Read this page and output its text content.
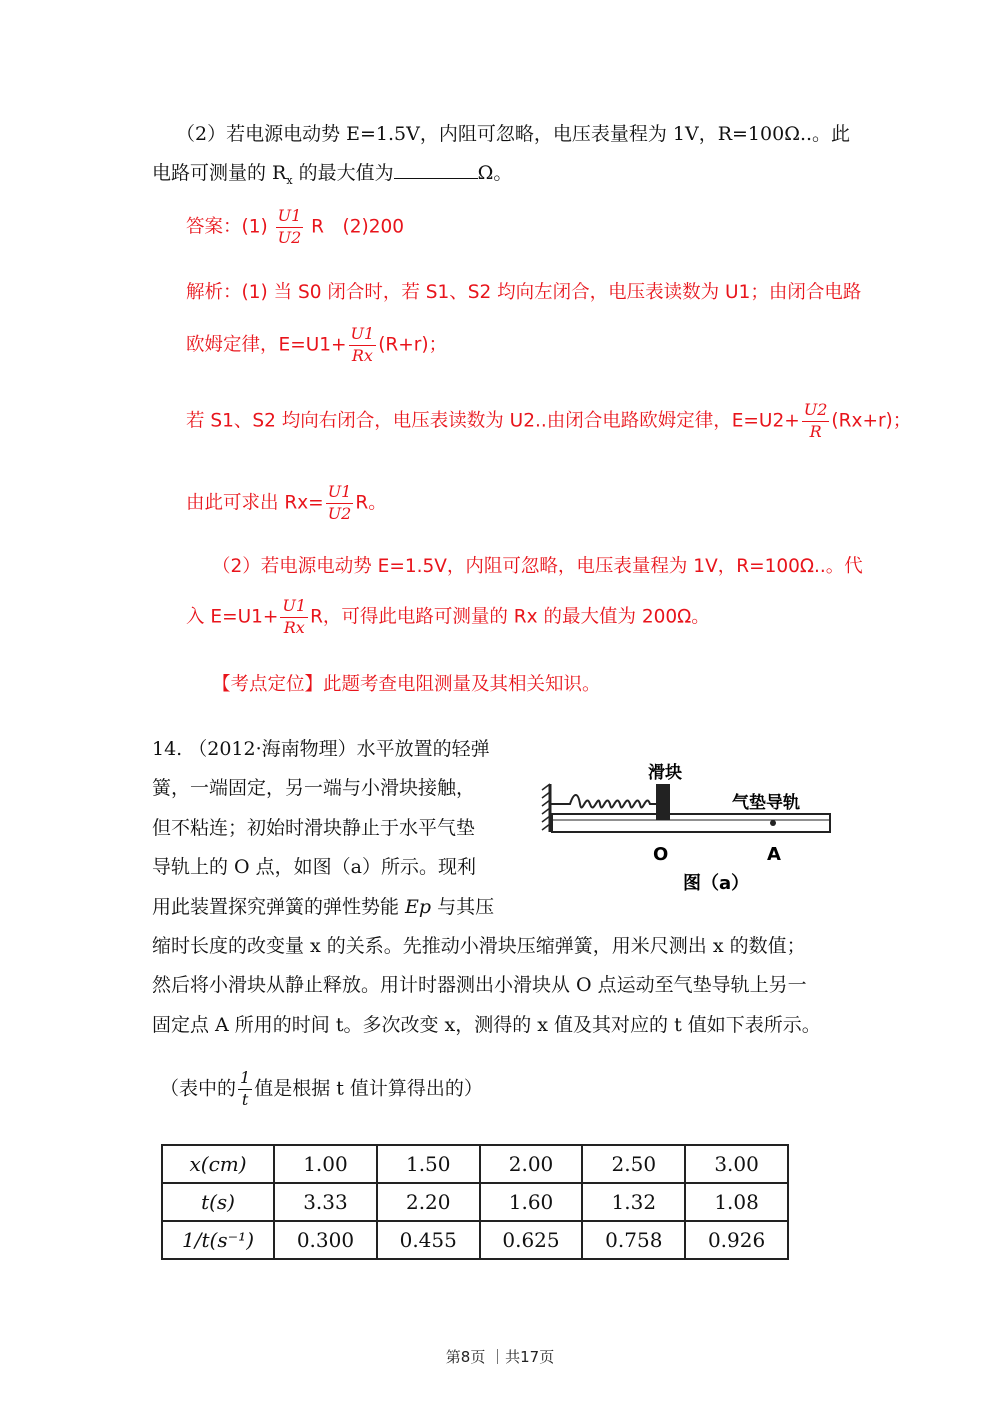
（2）若电源电动势 E=1.5V，内阻可忽略，电压表量程为 1V，R=100Ω..。此
电路可测量的 $R_x$ 的最大值为	Ω。
答案：$(1) \frac{U1}{U2}$ R　(2)200
解析：(1) 当 S0 闭合时，若 S1、S2 均向左闭合，电压表读数为 U1；由闭合电路
欧姆定律，$E=U1+ \frac{U1}{Rx} (R+r)$；
若 S1、S2 均向右闭合，电压表读数为 U2..由闭合电路欧姆定律，$E=U2+ \frac{U2}{R} (Rx+r)$；
由此可求出 $Rx= \frac{U1}{U2}$ R。
（2）若电源电动势 E=1.5V，内阻可忽略，电压表量程为 1V，R=100Ω..。代
入 $E=U1+ \frac{U1}{Rx}$ R，可得此电路可测量的 Rx 的最大值为 200Ω。
【考点定位】此题考查电阻测量及其相关知识。
14. （2012·海南物理）水平放置的轻弹
簧，一端固定，另一端与小滑块接触，
但不粘连；初始时滑块静止于水平气垫
导轨上的 O 点，如图（a）所示。现利
用此装置探究弹簧的弹性势能 Ep 与其压
缩时长度的改变量 x 的关系。先推动小滑块压缩弹簧，用米尺测出 x 的数值；
然后将小滑块从静止释放。用计时器测出小滑块从 O 点运动至气垫导轨上另一
固定点 A 所用的时间 t。多次改变 x，测得的 x 值及其对应的 t 值如下表所示。
（表中的 $\frac{1}{t}$ 值是根据 t 值计算得出的）
滑块
气垫导轨
O	A
图（a）
x(cm)	1.00	1.50	2.00	2.50	3.00
t(s)	3.33	2.20	1.60	1.32	1.08
1/t(s⁻¹)	0.300	0.455	0.625	0.758	0.926
第8页 ｜共17页
